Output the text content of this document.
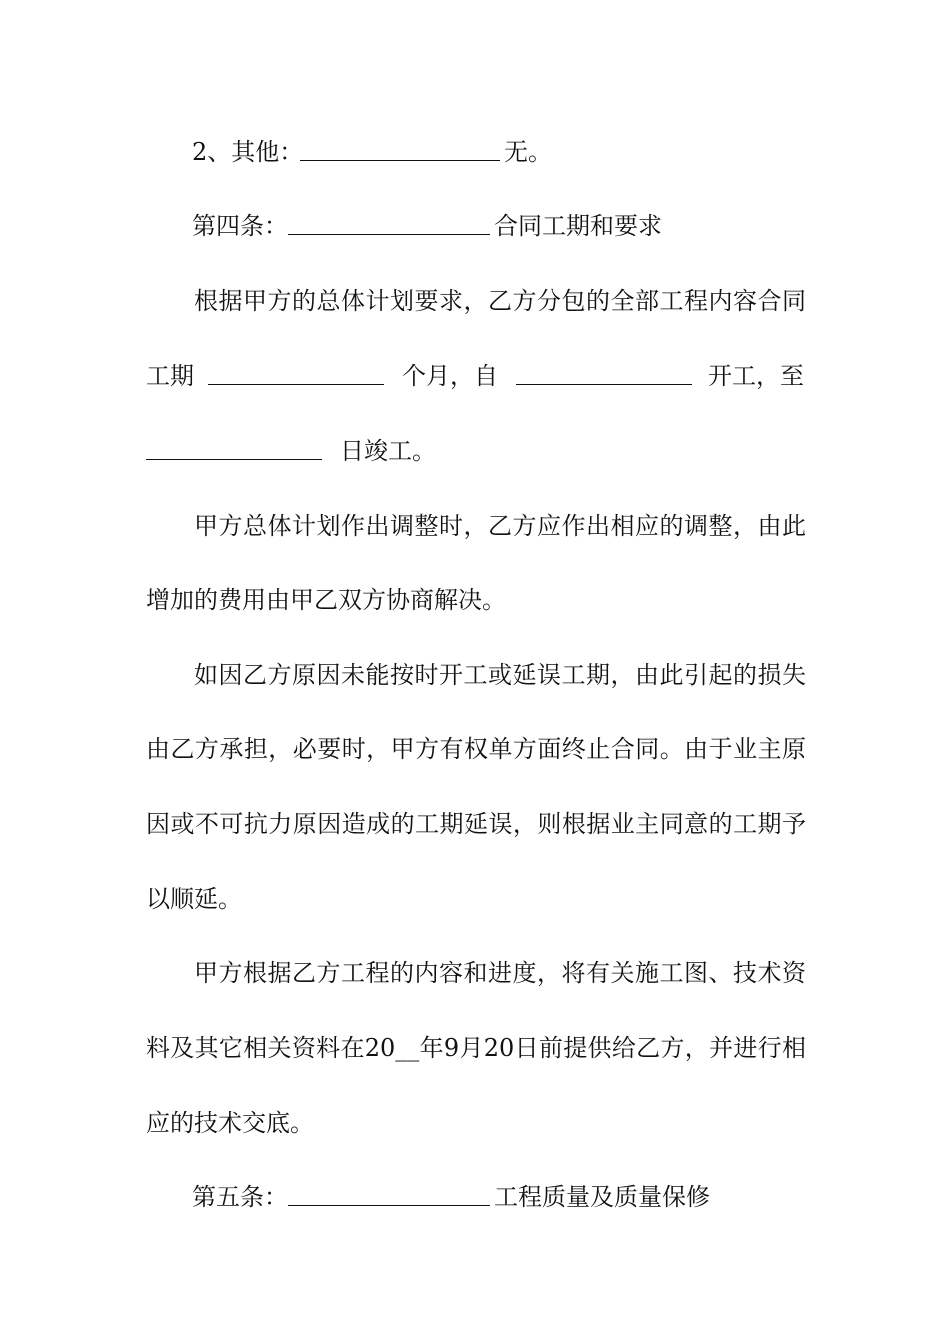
2、其他：	无。
第四条：	合同工期和要求
根据甲方的总体计划要求，乙方分包的全部工程内容合同
工期	个月，自	开工，至
日竣工。
甲方总体计划作出调整时，乙方应作出相应的调整，由此
增加的费用由甲乙双方协商解决。
如因乙方原因未能按时开工或延误工期，由此引起的损失
由乙方承担，必要时，甲方有权单方面终止合同。由于业主原
因或不可抗力原因造成的工期延误，则根据业主同意的工期予
以顺延。
甲方根据乙方工程的内容和进度，将有关施工图、技术资
料及其它相关资料在20__年9月20日前提供给乙方，并进行相
应的技术交底。
第五条：	工程质量及质量保修
